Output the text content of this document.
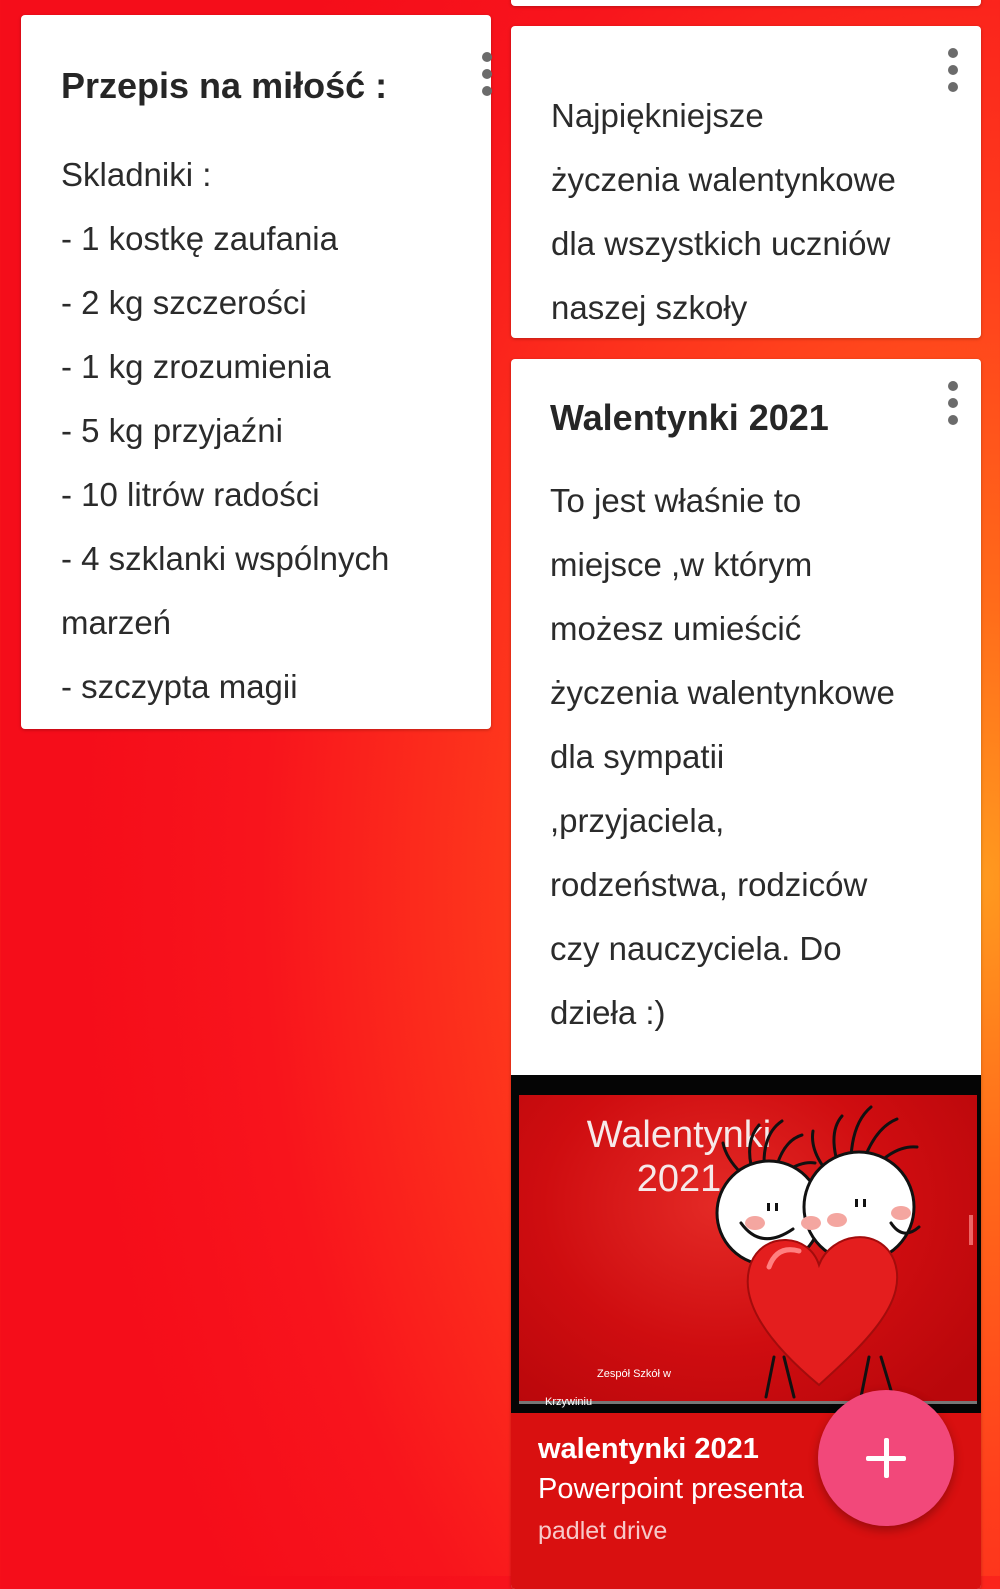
Przepis na miłość :

Skladniki :
- 1 kostkę zaufania
- 2 kg szczerości
- 1 kg zrozumienia
- 5 kg przyjaźni
- 10 litrów radości
- 4 szklanki wspólnych marzeń
- szczypta magii

Najpiękniejsze
życzenia walentynkowe
dla wszystkich uczniów
naszej szkoły

Walentynki 2021

To jest właśnie to
miejsce ,w którym
możesz umieścić
życzenia walentynkowe
dla sympatii
,przyjaciela,
rodzeństwa, rodziców
czy nauczyciela. Do
dzieła :)

Walentynki
2021

Zespół Szkół w

Krzywiniu

walentynki 2021
Powerpoint presenta
padlet drive
